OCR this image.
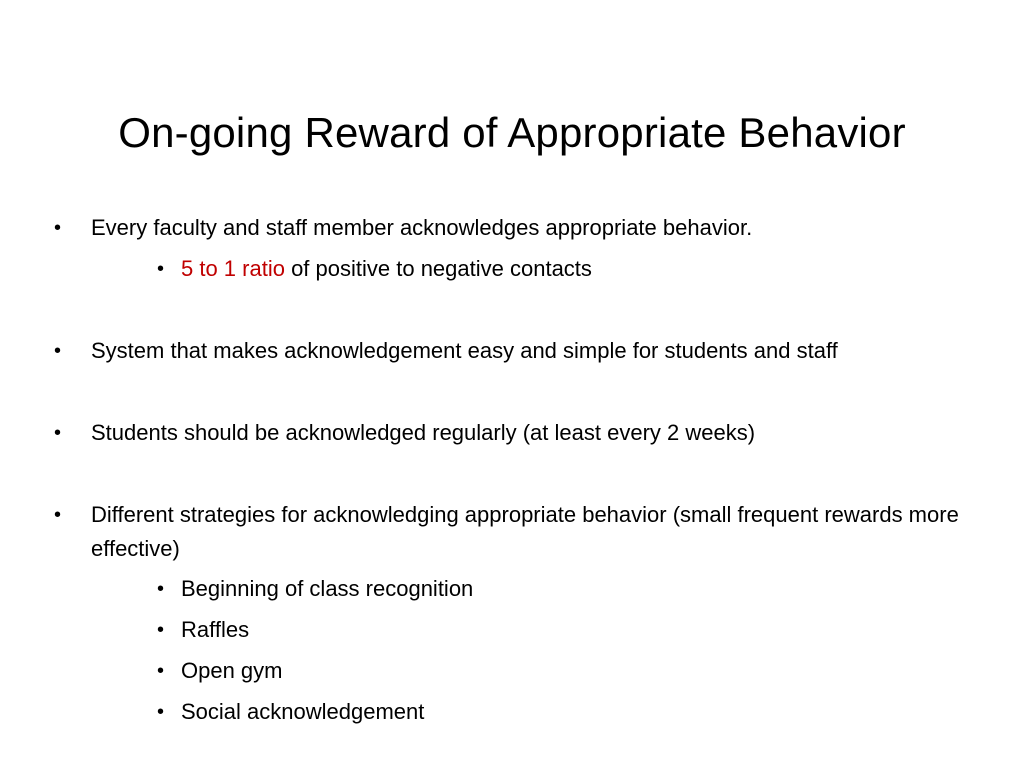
On-going Reward of Appropriate Behavior
• Every faculty and staff member acknowledges appropriate behavior.
• 5 to 1 ratio of positive to negative contacts
• System that makes acknowledgement easy and simple for students and staff
• Students should be acknowledged regularly (at least every 2 weeks)
• Different strategies for acknowledging appropriate behavior (small frequent rewards more effective)
• Beginning of class recognition
• Raffles
• Open gym
• Social acknowledgement
